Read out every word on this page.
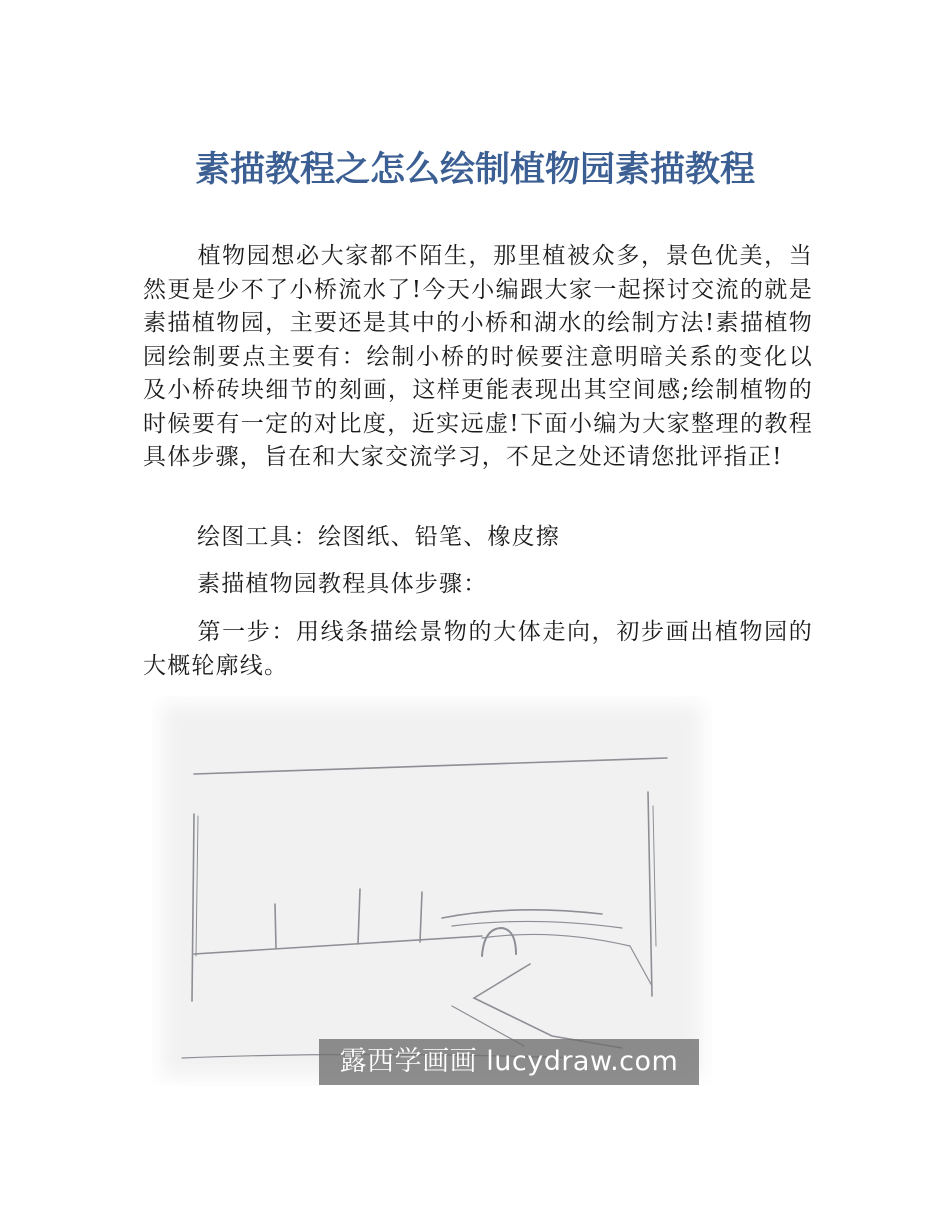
素描教程之怎么绘制植物园素描教程

植物园想必大家都不陌生，那里植被众多，景色优美，当然更是少不了小桥流水了!今天小编跟大家一起探讨交流的就是素描植物园，主要还是其中的小桥和湖水的绘制方法!素描植物园绘制要点主要有：绘制小桥的时候要注意明暗关系的变化以及小桥砖块细节的刻画，这样更能表现出其空间感;绘制植物的时候要有一定的对比度，近实远虚!下面小编为大家整理的教程具体步骤，旨在和大家交流学习，不足之处还请您批评指正!

绘图工具：绘图纸、铅笔、橡皮擦

素描植物园教程具体步骤：

第一步：用线条描绘景物的大体走向，初步画出植物园的大概轮廓线。

露西学画画 lucydraw.com
